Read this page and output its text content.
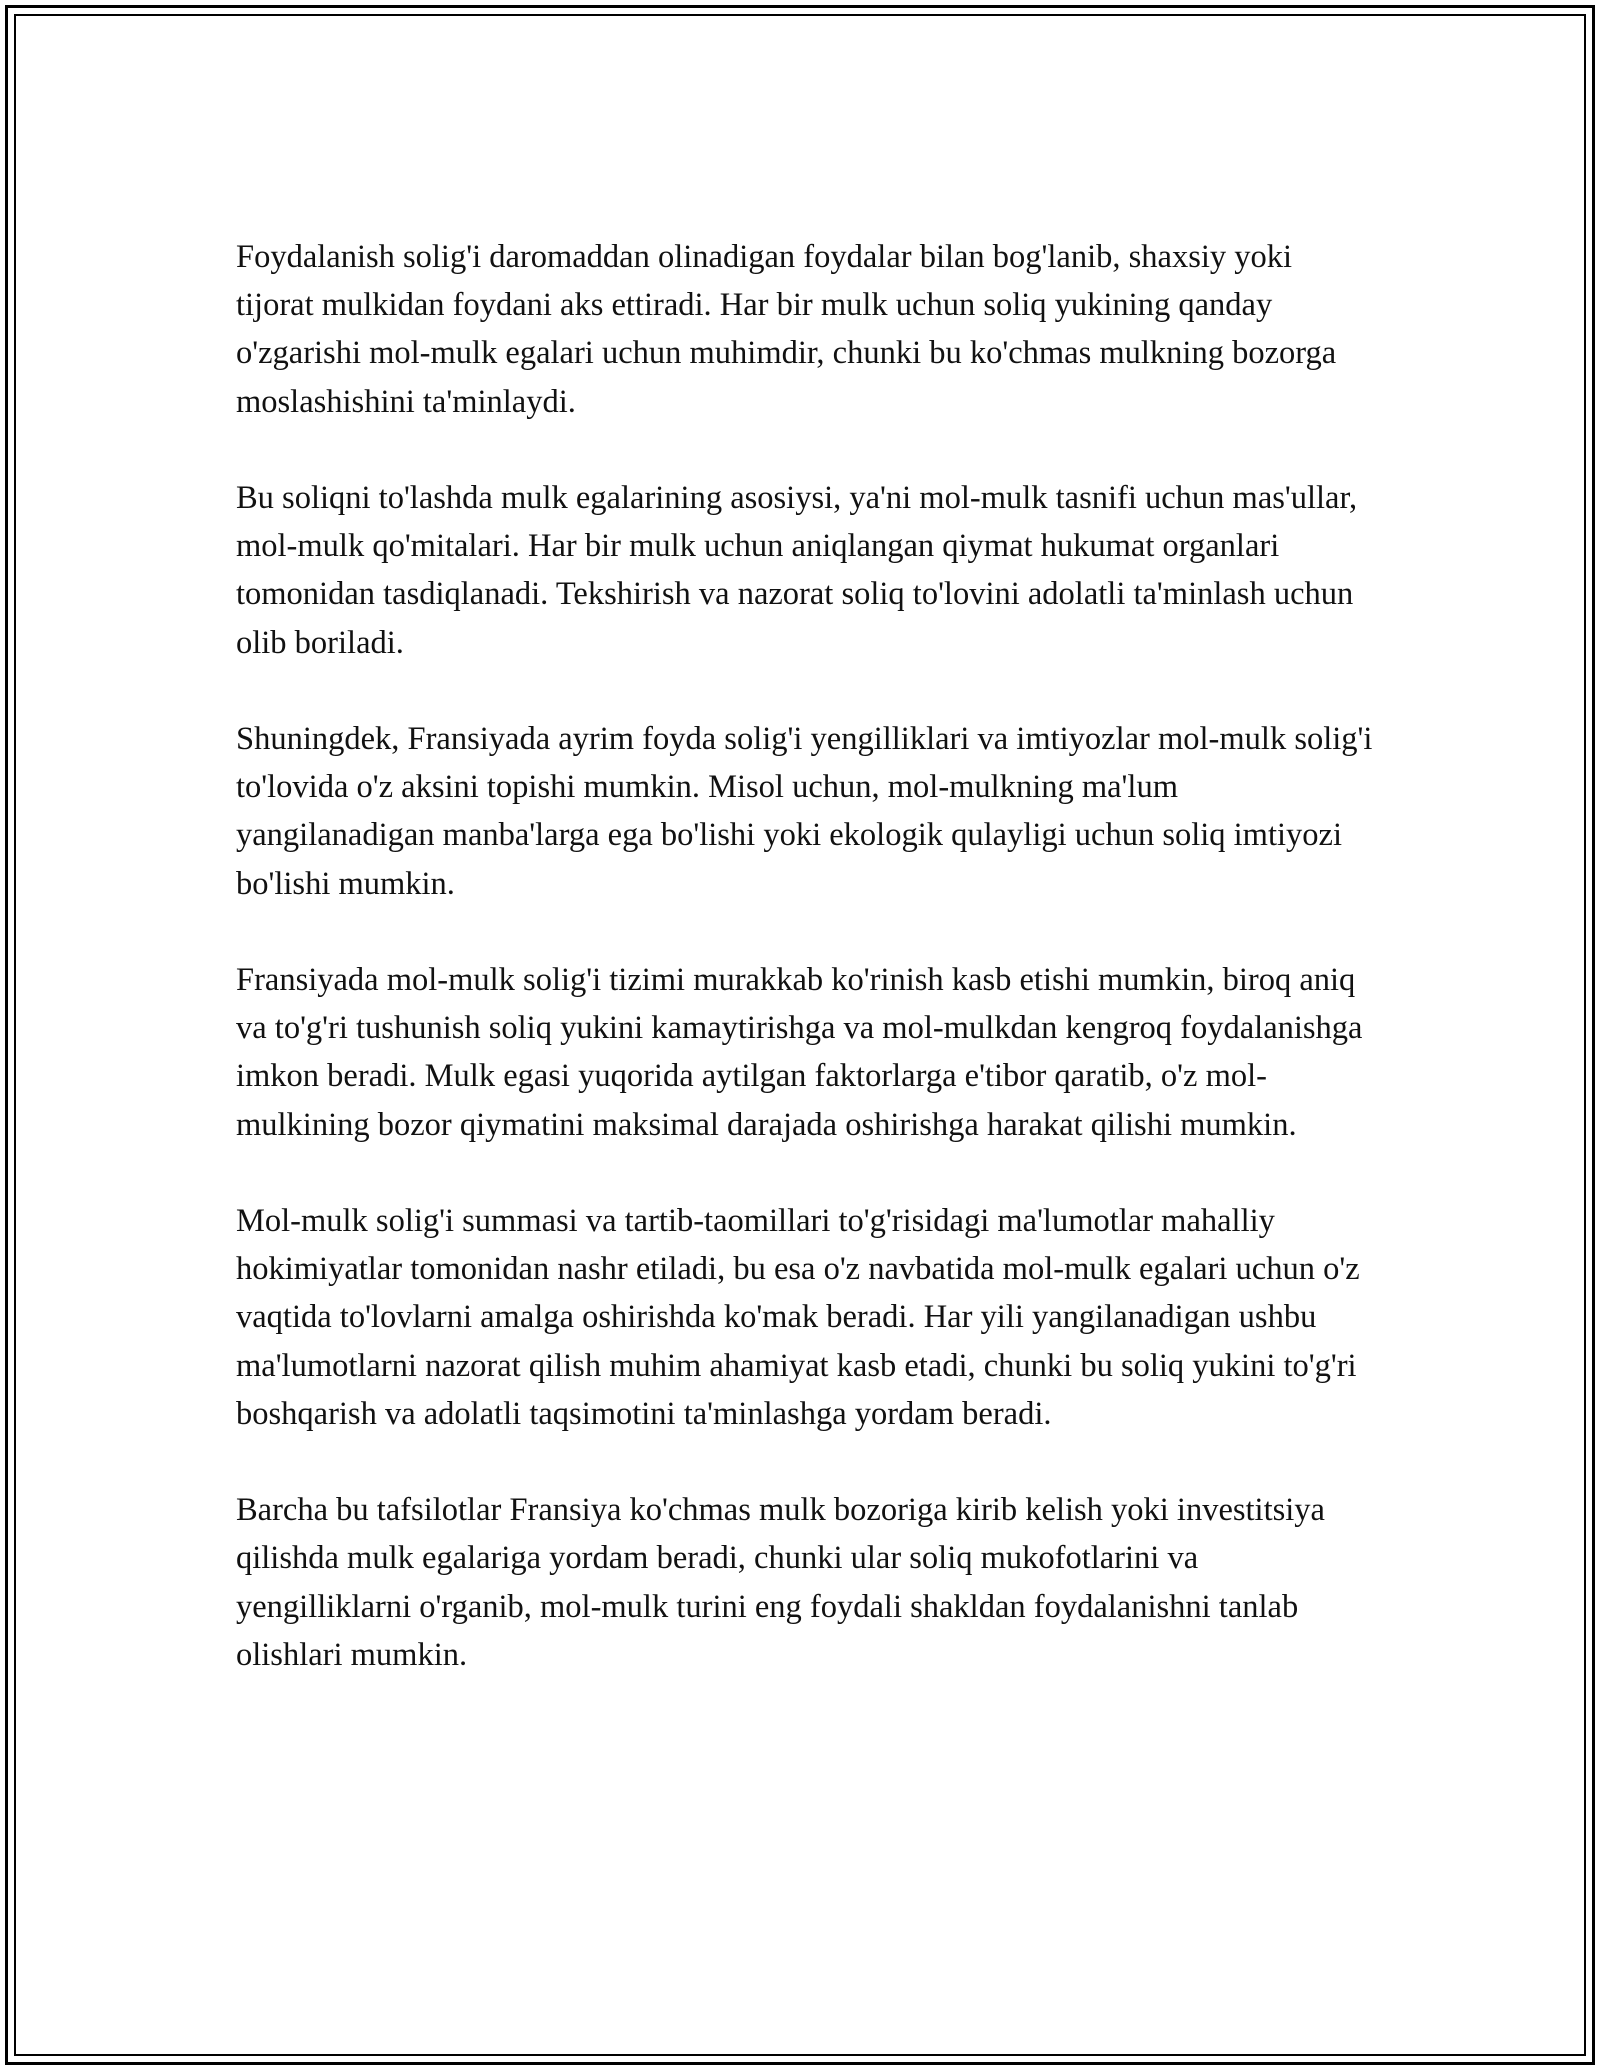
Foydalanish solig'i daromaddan olinadigan foydalar bilan bog'lanib, shaxsiy yoki tijorat mulkidan foydani aks ettiradi. Har bir mulk uchun soliq yukining qanday o'zgarishi mol-mulk egalari uchun muhimdir, chunki bu ko'chmas mulkning bozorga moslashishini ta'minlaydi.

Bu soliqni to'lashda mulk egalarining asosiysi, ya'ni mol-mulk tasnifi uchun mas'ullar, mol-mulk qo'mitalari. Har bir mulk uchun aniqlangan qiymat hukumat organlari tomonidan tasdiqlanadi. Tekshirish va nazorat soliq to'lovini adolatli ta'minlash uchun olib boriladi.

Shuningdek, Fransiyada ayrim foyda solig'i yengilliklari va imtiyozlar mol-mulk solig'i to'lovida o'z aksini topishi mumkin. Misol uchun, mol-mulkning ma'lum yangilanadigan manba'larga ega bo'lishi yoki ekologik qulayligi uchun soliq imtiyozi bo'lishi mumkin.

Fransiyada mol-mulk solig'i tizimi murakkab ko'rinish kasb etishi mumkin, biroq aniq va to'g'ri tushunish soliq yukini kamaytirishga va mol-mulkdan kengroq foydalanishga imkon beradi. Mulk egasi yuqorida aytilgan faktorlarga e'tibor qaratib, o'z mol-mulkining bozor qiymatini maksimal darajada oshirishga harakat qilishi mumkin.

Mol-mulk solig'i summasi va tartib-taomillari to'g'risidagi ma'lumotlar mahalliy hokimiyatlar tomonidan nashr etiladi, bu esa o'z navbatida mol-mulk egalari uchun o'z vaqtida to'lovlarni amalga oshirishda ko'mak beradi. Har yili yangilanadigan ushbu ma'lumotlarni nazorat qilish muhim ahamiyat kasb etadi, chunki bu soliq yukini to'g'ri boshqarish va adolatli taqsimotini ta'minlashga yordam beradi.

Barcha bu tafsilotlar Fransiya ko'chmas mulk bozoriga kirib kelish yoki investitsiya qilishda mulk egalariga yordam beradi, chunki ular soliq mukofotlarini va yengilliklarni o'rganib, mol-mulk turini eng foydali shakldan foydalanishni tanlab olishlari mumkin.
